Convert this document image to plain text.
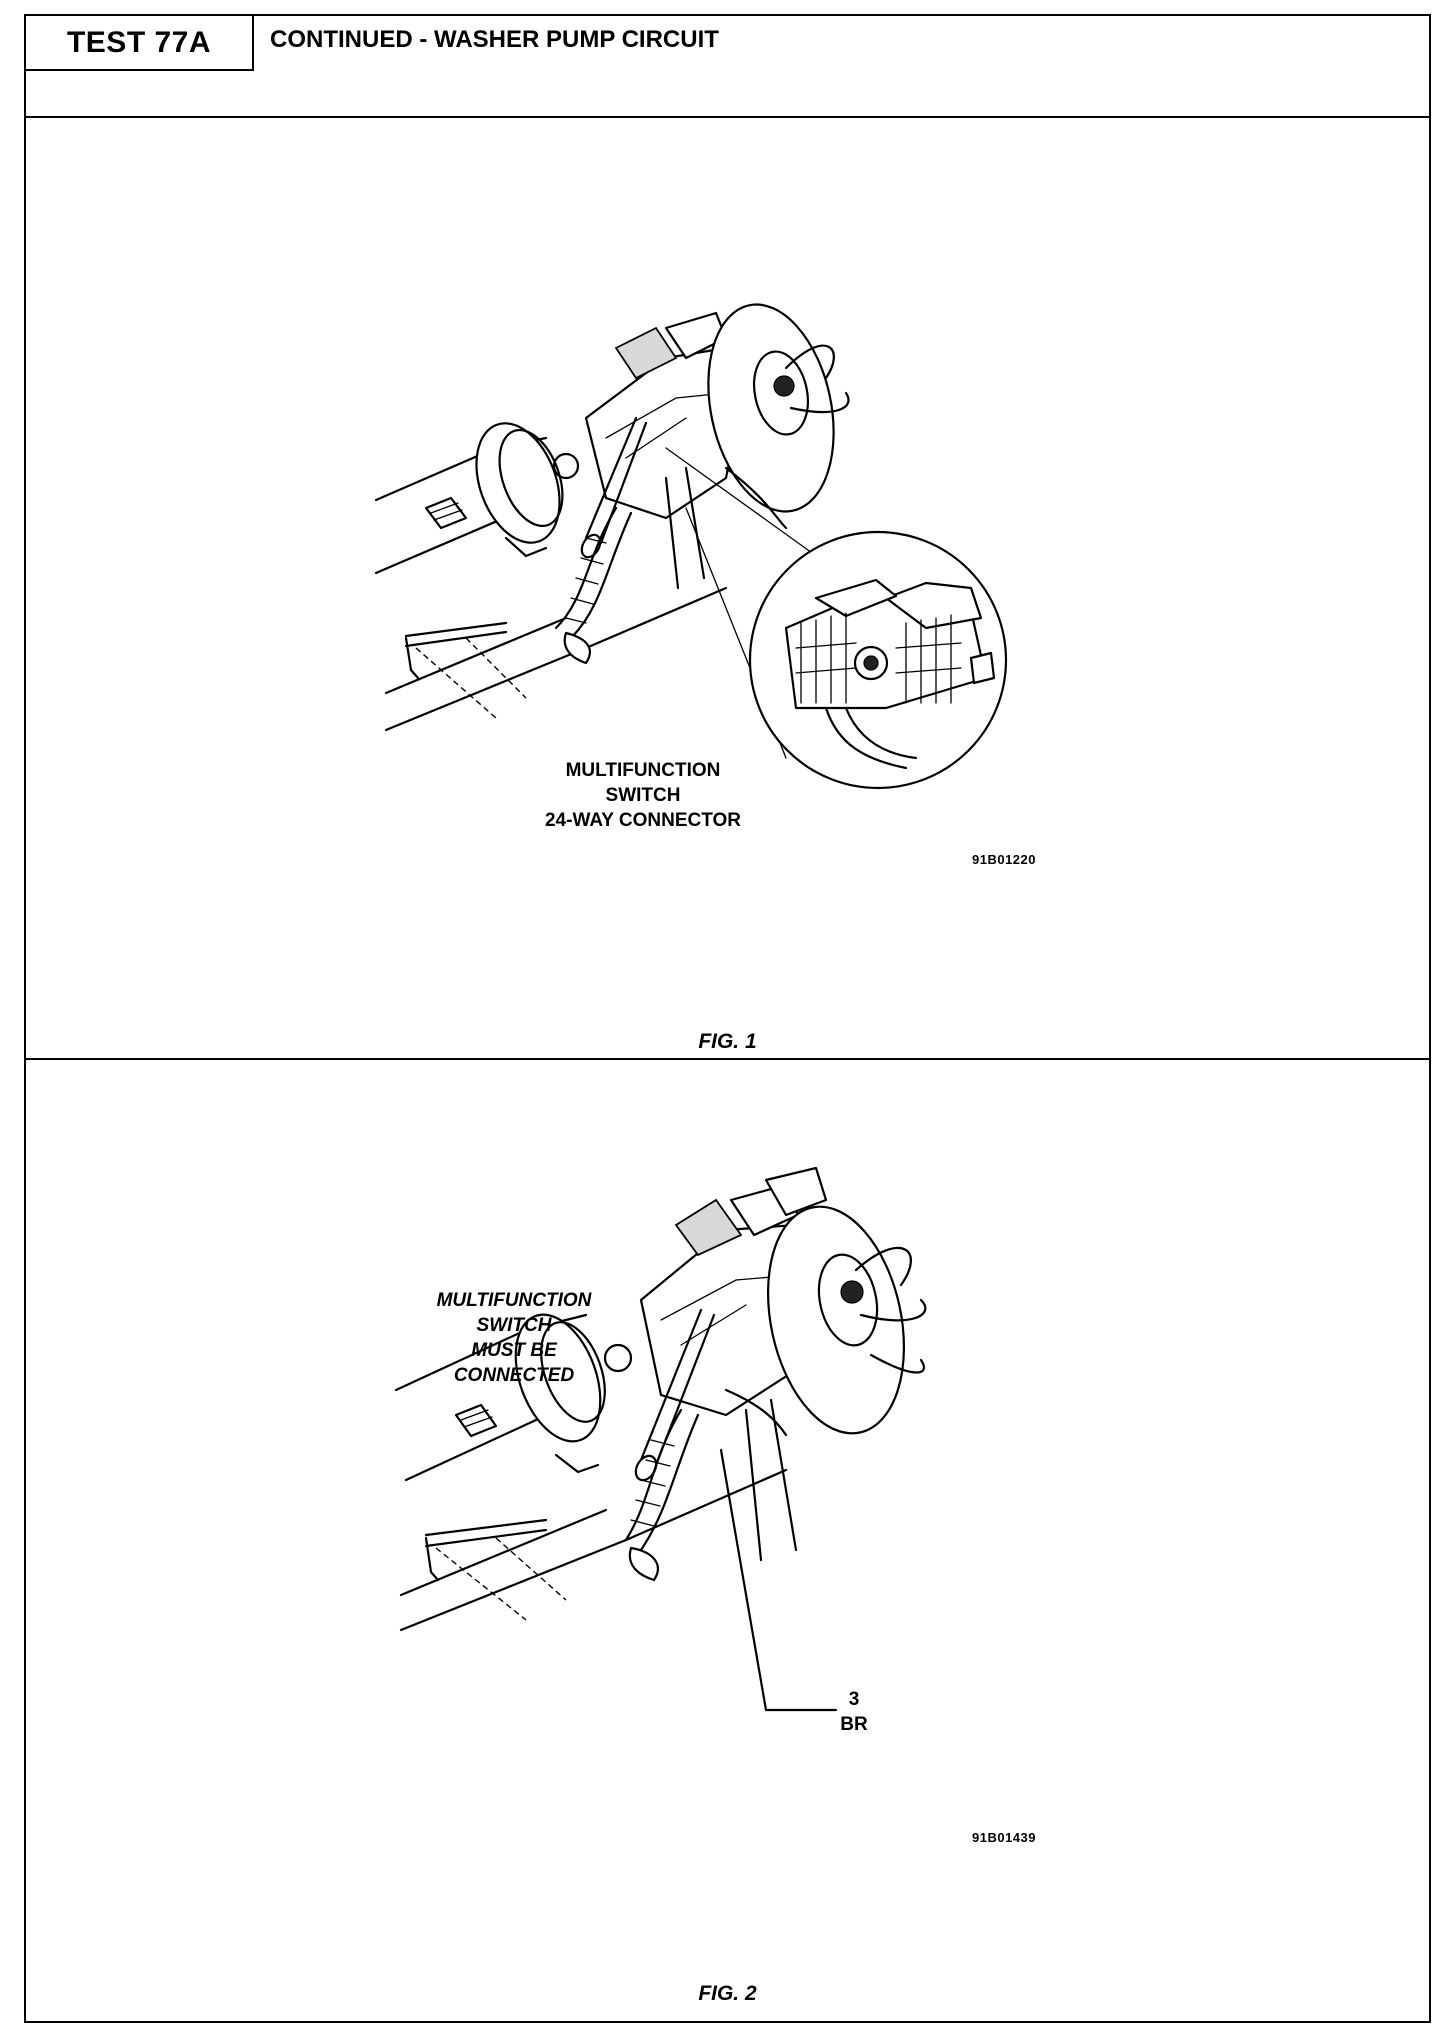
TEST 77A	CONTINUED - WASHER PUMP CIRCUIT
MULTIFUNCTION
SWITCH
24-WAY CONNECTOR
91B01220
FIG. 1
MULTIFUNCTION
SWITCH
MUST BE
CONNECTED
3
BR
91B01439
FIG. 2
